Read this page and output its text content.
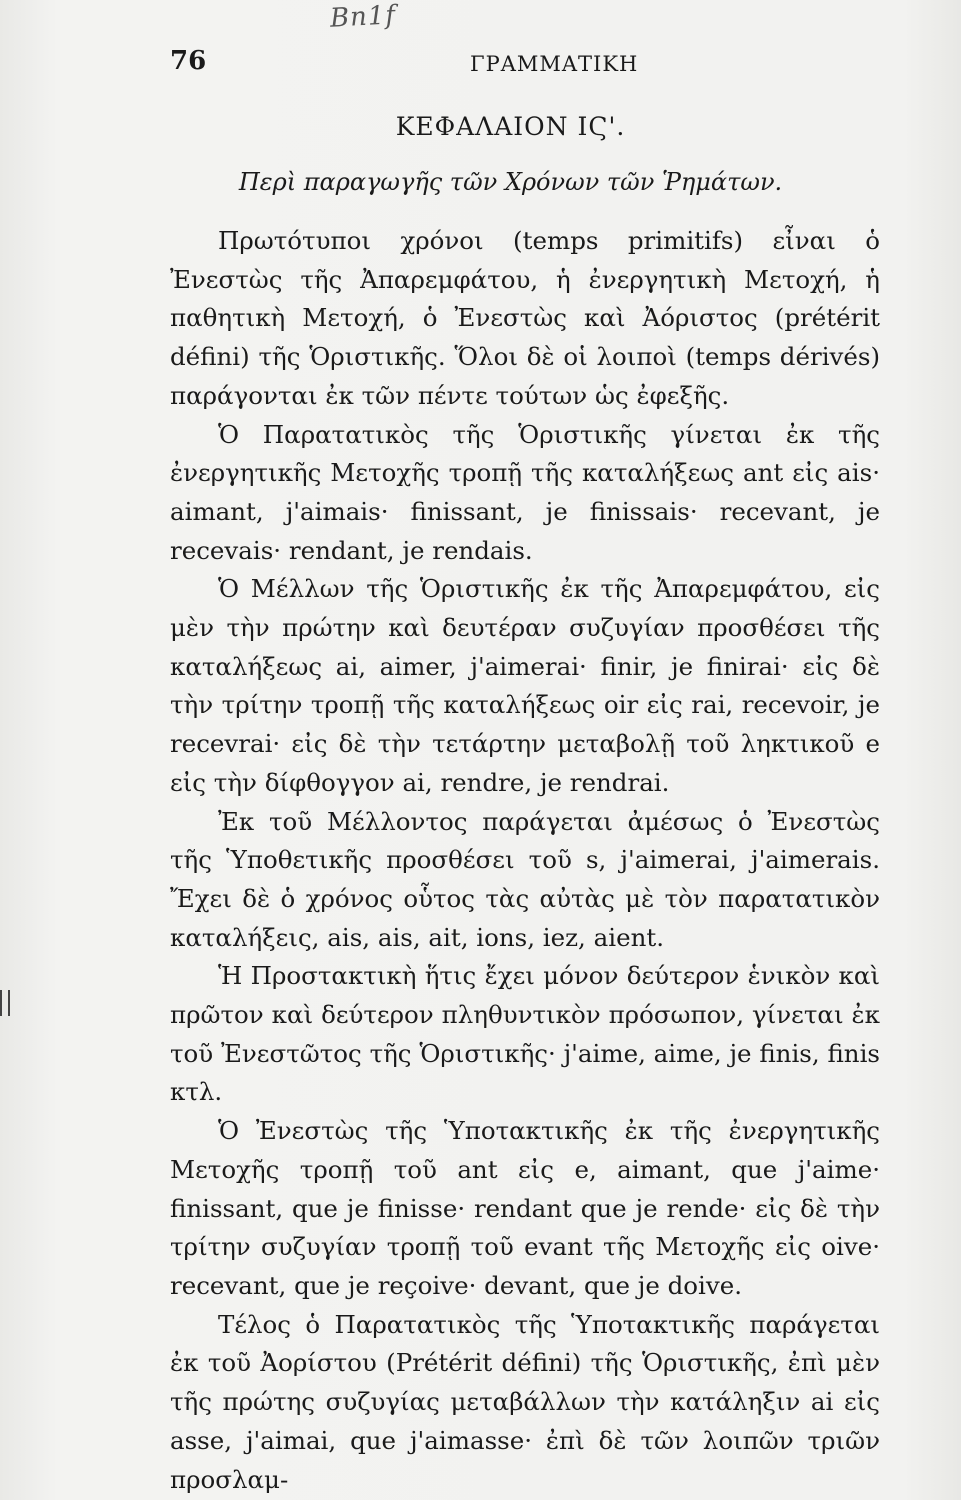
Bn1f
76	ΓΡΑΜΜΑΤΙΚΗ
ΚΕΦΑΛΑΙΟΝ ΙϚ'.
Περὶ παραγωγῆς τῶν Χρόνων τῶν Ῥημάτων.

Πρωτότυποι χρόνοι (temps primitifs) εἶναι ὁ Ἐνεστὼς τῆς Ἀπαρεμφάτου, ἡ ἐνεργητικὴ Μετοχή, ἡ παθητικὴ Μετοχή, ὁ Ἐνεστὼς καὶ Ἀόριστος (prétérit défini) τῆς Ὁριστικῆς. Ὅλοι δὲ οἱ λοιποὶ (temps dérivés) παράγονται ἐκ τῶν πέντε τούτων ὡς ἐφεξῆς.

Ὁ Παρατατικὸς τῆς Ὁριστικῆς γίνεται ἐκ τῆς ἐνεργητικῆς Μετοχῆς τροπῇ τῆς καταλήξεως ant εἰς ais· aimant, j'aimais· finissant, je finissais· recevant, je recevais· rendant, je rendais.

Ὁ Μέλλων τῆς Ὁριστικῆς ἐκ τῆς Ἀπαρεμφάτου, εἰς μὲν τὴν πρώτην καὶ δευτέραν συζυγίαν προσθέσει τῆς καταλήξεως ai, aimer, j'aimerai· finir, je finirai· εἰς δὲ τὴν τρίτην τροπῇ τῆς καταλήξεως oir εἰς rai, recevoir, je recevrai· εἰς δὲ τὴν τετάρτην μεταβολῇ τοῦ ληκτικοῦ e εἰς τὴν δίφθογγον ai, rendre, je rendrai.

Ἐκ τοῦ Μέλλοντος παράγεται ἀμέσως ὁ Ἐνεστὼς τῆς Ὑποθετικῆς προσθέσει τοῦ s, j'aimerai, j'aimerais. Ἔχει δὲ ὁ χρόνος οὗτος τὰς αὐτὰς μὲ τὸν παρατατικὸν καταλήξεις, ais, ais, ait, ions, iez, aient.

Ἡ Προστακτικὴ ἥτις ἔχει μόνον δεύτερον ἑνικὸν καὶ πρῶτον καὶ δεύτερον πληθυντικὸν πρόσωπον, γίνεται ἐκ τοῦ Ἐνεστῶτος τῆς Ὁριστικῆς· j'aime, aime, je finis, finis κτλ.

Ὁ Ἐνεστὼς τῆς Ὑποτακτικῆς ἐκ τῆς ἐνεργητικῆς Μετοχῆς τροπῇ τοῦ ant εἰς e, aimant, que j'aime· finissant, que je finisse· rendant que je rende· εἰς δὲ τὴν τρίτην συζυγίαν τροπῇ τοῦ evant τῆς Μετοχῆς εἰς oive· recevant, que je reçoive· devant, que je doive.

Τέλος ὁ Παρατατικὸς τῆς Ὑποτακτικῆς παράγεται ἐκ τοῦ Ἀορίστου (Prétérit défini) τῆς Ὁριστικῆς, ἐπὶ μὲν τῆς πρώτης συζυγίας μεταβάλλων τὴν κατάληξιν ai εἰς asse, j'aimai, que j'aimasse· ἐπὶ δὲ τῶν λοιπῶν τριῶν προσλαμ-
